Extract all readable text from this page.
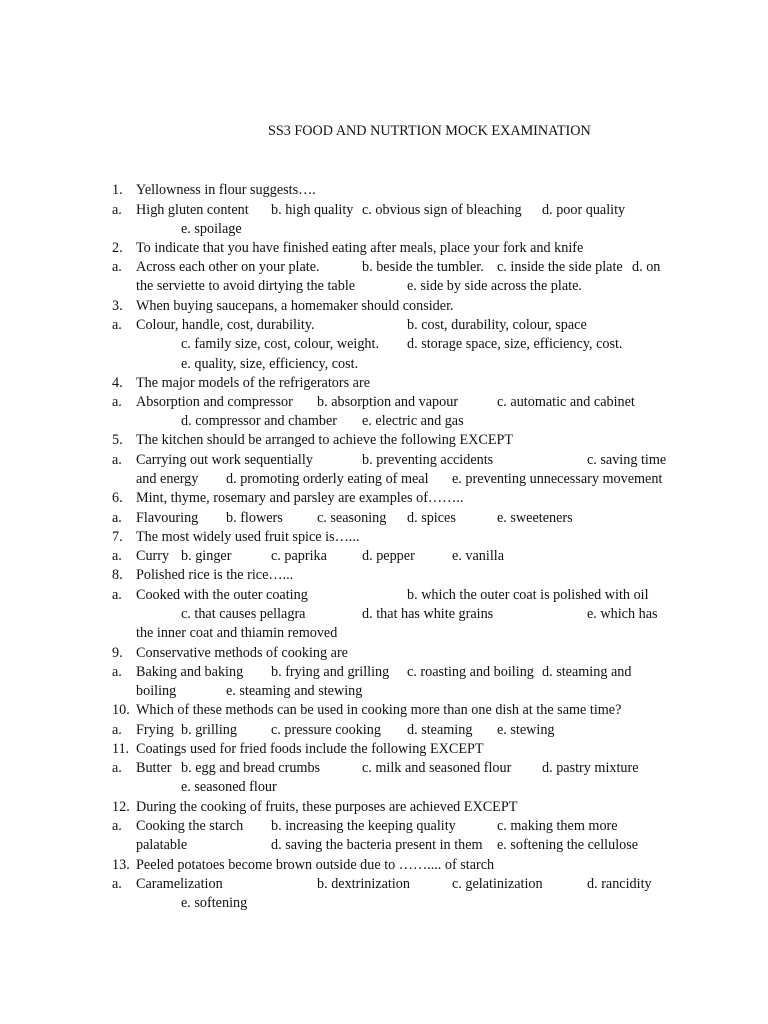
SS3 FOOD AND NUTRTION MOCK EXAMINATION
1. Yellowness in flour suggests….
a. High gluten content b. high quality c. obvious sign of bleaching d. poor quality
e. spoilage
2. To indicate that you have finished eating after meals, place your fork and knife
a. Across each other on your plate.	b. beside the tumbler. c. inside the side plate d. on
the serviette to avoid dirtying the table	e. side by side across the plate.
3. When buying saucepans, a homemaker should consider.
a. Colour, handle, cost, durability.	b. cost, durability, colour, space
c. family size, cost, colour, weight. d. storage space, size, efficiency, cost.
e. quality, size, efficiency, cost.
4. The major models of the refrigerators are
a. Absorption and compressor b. absorption and vapour	c. automatic and cabinet
d. compressor and chamber e. electric and gas
5. The kitchen should be arranged to achieve the following EXCEPT
a. Carrying out work sequentially	b. preventing accidents	c. saving time
and energy d. promoting orderly eating of meal e. preventing unnecessary movement
6. Mint, thyme, rosemary and parsley are examples of……..
a. Flavouring b. flowers c. seasoning d. spices	e. sweeteners
7. The most widely used fruit spice is…...
a. Curry b. ginger	c. paprika d. pepper	e. vanilla
8. Polished rice is the rice…...
a. Cooked with the outer coating	b. which the outer coat is polished with oil
c. that causes pellagra	d. that has white grains	e. which has
the inner coat and thiamin removed
9. Conservative methods of cooking are
a. Baking and baking b. frying and grilling c. roasting and boiling d. steaming and
boiling	e. steaming and stewing
10. Which of these methods can be used in cooking more than one dish at the same time?
a. Frying b. grilling c. pressure cooking d. steaming e. stewing
11. Coatings used for fried foods include the following EXCEPT
a. Butter b. egg and bread crumbs	c. milk and seasoned flour d. pastry mixture
e. seasoned flour
12. During the cooking of fruits, these purposes are achieved EXCEPT
a. Cooking the starch b. increasing the keeping quality	c. making them more
palatable	d. saving the bacteria present in them e. softening the cellulose
13. Peeled potatoes become brown outside due to …….... of starch
a. Caramelization	b. dextrinization	c. gelatinization	d. rancidity
e. softening
